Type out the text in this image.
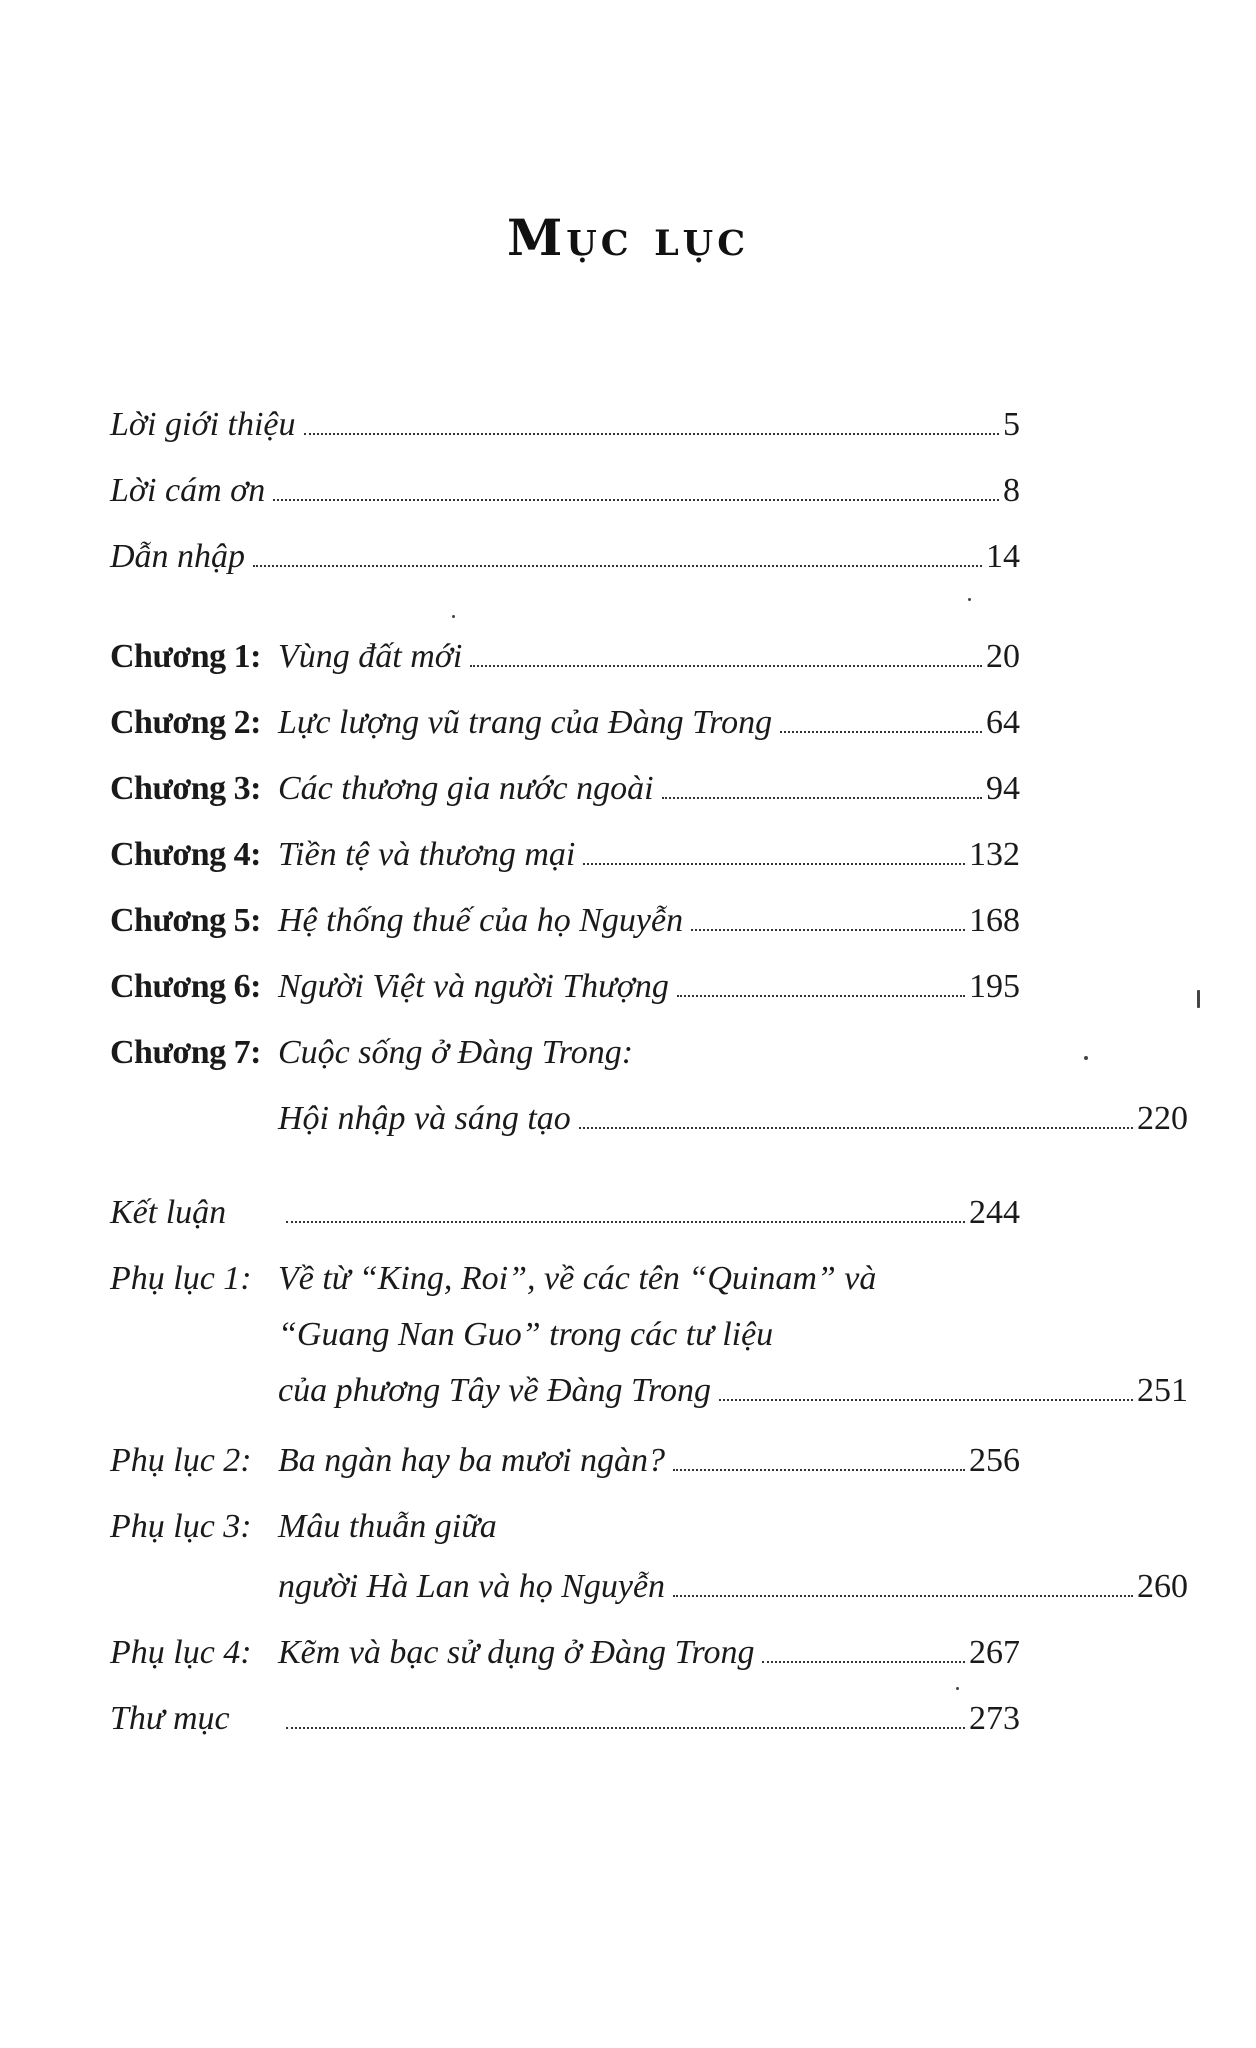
Mục lục
Lời giới thiệu	5
Lời cám ơn	8
Dẫn nhập	14
Chương 1: Vùng đất mới	20
Chương 2: Lực lượng vũ trang của Đàng Trong	64
Chương 3: Các thương gia nước ngoài	94
Chương 4: Tiền tệ và thương mại	132
Chương 5: Hệ thống thuế của họ Nguyễn	168
Chương 6: Người Việt và người Thượng	195
Chương 7: Cuộc sống ở Đàng Trong:
Hội nhập và sáng tạo	220
Kết luận	244
Phụ lục 1: Về từ “King, Roi”, về các tên “Quinam” và
“Guang Nan Guo” trong các tư liệu
của phương Tây về Đàng Trong	251
Phụ lục 2: Ba ngàn hay ba mươi ngàn?	256
Phụ lục 3: Mâu thuẫn giữa
người Hà Lan và họ Nguyễn	260
Phụ lục 4: Kẽm và bạc sử dụng ở Đàng Trong	267
Thư mục	273
